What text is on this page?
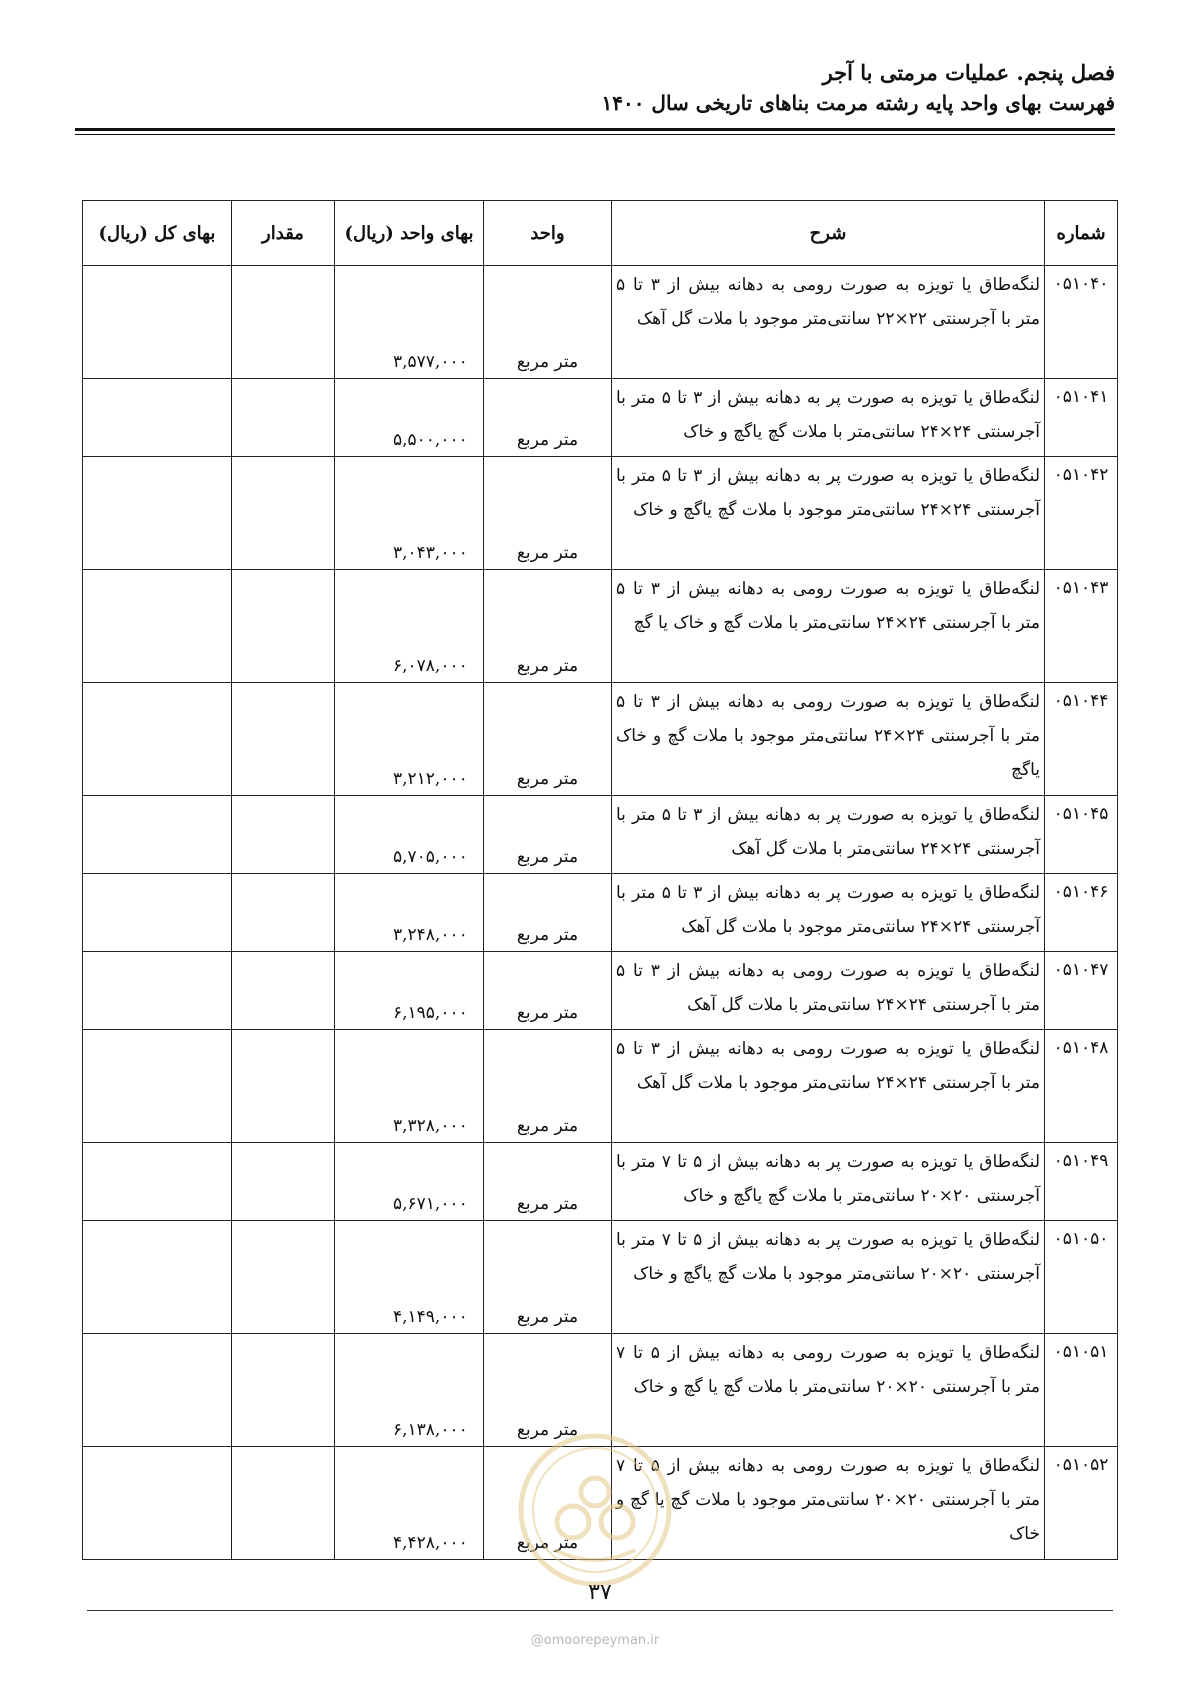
فصل پنجم. عملیات مرمتی با آجر
فهرست بهای واحد پایه رشته مرمت بناهای تاریخی سال ۱۴۰۰
شماره	شرح	واحد	بهای واحد (ریال)	مقدار	بهای کل (ریال)
۰۵۱۰۴۰	لنگه‌طاق یا تویزه به صورت رومی به دهانه بیش از ۳ تا ۵ متر با آجرسنتی ۲۲×۲۲ سانتی‌متر موجود با ملات گل آهک	متر مربع	۳,۵۷۷,۰۰۰		
۰۵۱۰۴۱	لنگه‌طاق یا تویزه به صورت پر به دهانه بیش از ۳ تا ۵ متر با آجرسنتی ۲۴×۲۴ سانتی‌متر با ملات گچ یاگچ و خاک	متر مربع	۵,۵۰۰,۰۰۰		
۰۵۱۰۴۲	لنگه‌طاق یا تویزه به صورت پر به دهانه بیش از ۳ تا ۵ متر با آجرسنتی ۲۴×۲۴ سانتی‌متر موجود با ملات گچ یاگچ و خاک	متر مربع	۳,۰۴۳,۰۰۰		
۰۵۱۰۴۳	لنگه‌طاق یا تویزه به صورت رومی به دهانه بیش از ۳ تا ۵ متر با آجرسنتی ۲۴×۲۴ سانتی‌متر با ملات گچ و خاک یا گچ	متر مربع	۶,۰۷۸,۰۰۰		
۰۵۱۰۴۴	لنگه‌طاق یا تویزه به صورت رومی به دهانه بیش از ۳ تا ۵ متر با آجرسنتی ۲۴×۲۴ سانتی‌متر موجود با ملات گچ و خاک یاگچ	متر مربع	۳,۲۱۲,۰۰۰		
۰۵۱۰۴۵	لنگه‌طاق یا تویزه به صورت پر به دهانه بیش از ۳ تا ۵ متر با آجرسنتی ۲۴×۲۴ سانتی‌متر با ملات گل آهک	متر مربع	۵,۷۰۵,۰۰۰		
۰۵۱۰۴۶	لنگه‌طاق یا تویزه به صورت پر به دهانه بیش از ۳ تا ۵ متر با آجرسنتی ۲۴×۲۴ سانتی‌متر موجود با ملات گل آهک	متر مربع	۳,۲۴۸,۰۰۰		
۰۵۱۰۴۷	لنگه‌طاق یا تویزه به صورت رومی به دهانه بیش از ۳ تا ۵ متر با آجرسنتی ۲۴×۲۴ سانتی‌متر با ملات گل آهک	متر مربع	۶,۱۹۵,۰۰۰		
۰۵۱۰۴۸	لنگه‌طاق یا تویزه به صورت رومی به دهانه بیش از ۳ تا ۵ متر با آجرسنتی ۲۴×۲۴ سانتی‌متر موجود با ملات گل آهک	متر مربع	۳,۳۲۸,۰۰۰		
۰۵۱۰۴۹	لنگه‌طاق یا تویزه به صورت پر به دهانه بیش از ۵ تا ۷ متر با آجرسنتی ۲۰×۲۰ سانتی‌متر با ملات گچ یاگچ و خاک	متر مربع	۵,۶۷۱,۰۰۰		
۰۵۱۰۵۰	لنگه‌طاق یا تویزه به صورت پر به دهانه بیش از ۵ تا ۷ متر با آجرسنتی ۲۰×۲۰ سانتی‌متر موجود با ملات گچ یاگچ و خاک	متر مربع	۴,۱۴۹,۰۰۰		
۰۵۱۰۵۱	لنگه‌طاق یا تویزه به صورت رومی به دهانه بیش از ۵ تا ۷ متر با آجرسنتی ۲۰×۲۰ سانتی‌متر با ملات گچ یا گچ و خاک	متر مربع	۶,۱۳۸,۰۰۰		
۰۵۱۰۵۲	لنگه‌طاق یا تویزه به صورت رومی به دهانه بیش از ۵ تا ۷ متر با آجرسنتی ۲۰×۲۰ سانتی‌متر موجود با ملات گچ یا گچ و خاک	متر مربع	۴,۴۲۸,۰۰۰		
۳۷
@omoorepeyman.ir
